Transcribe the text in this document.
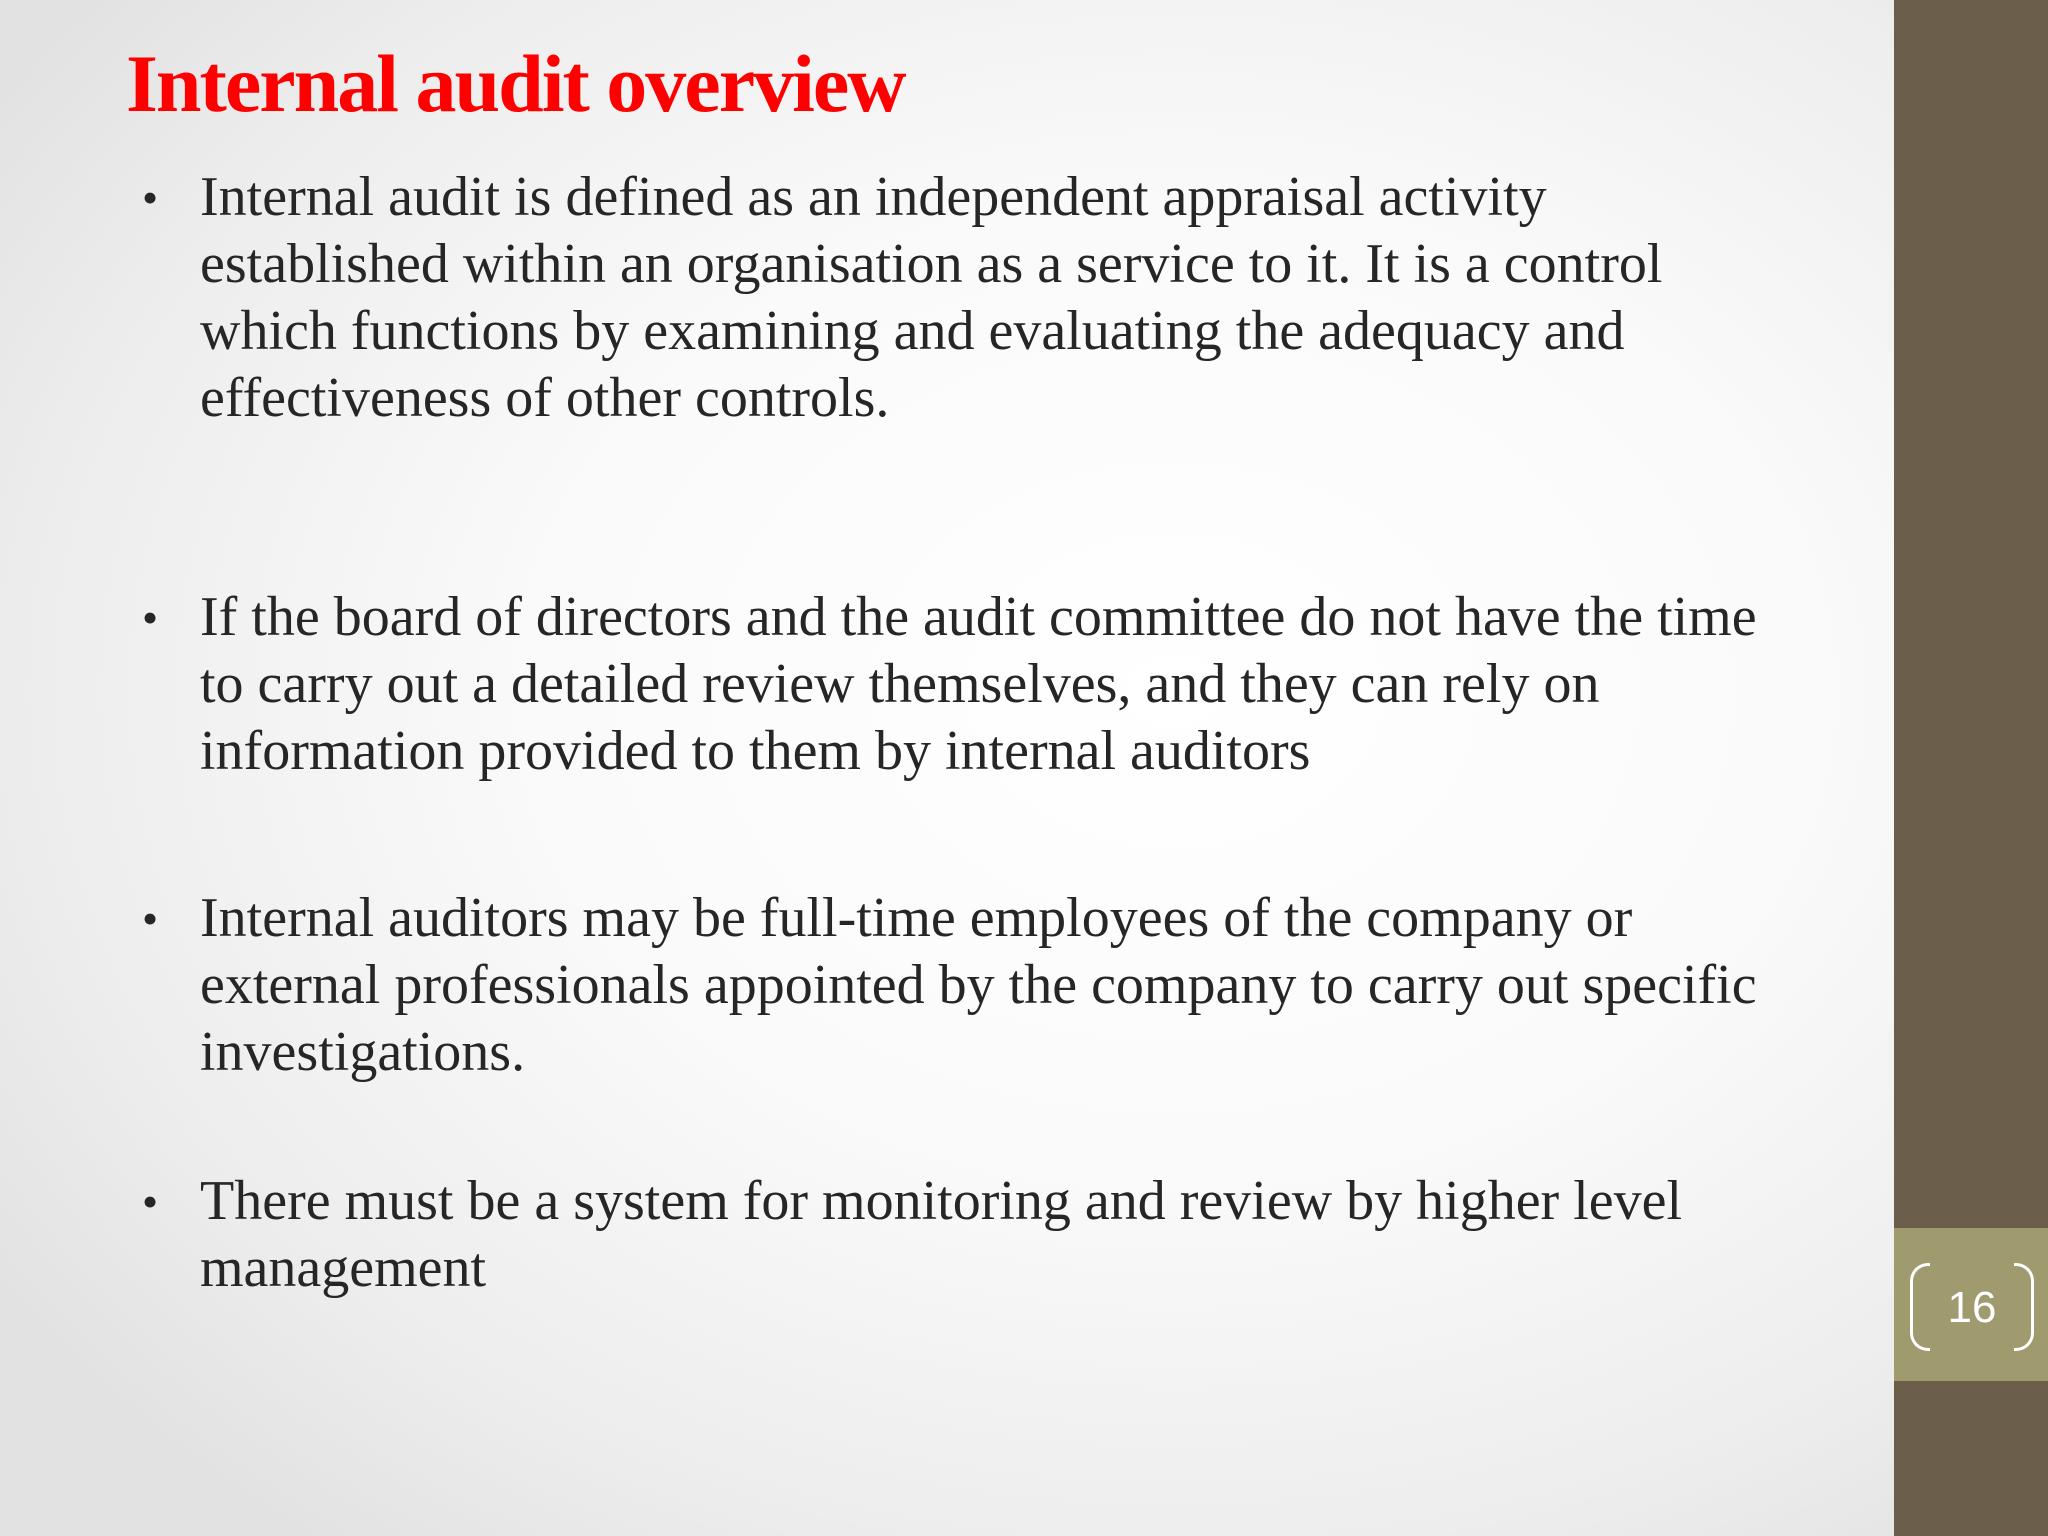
16
Internal audit overview
• Internal audit is defined as an independent appraisal activity established within an organisation as a service to it. It is a control which functions by examining and evaluating the adequacy and effectiveness of other controls.
• If the board of directors and the audit committee do not have the time to carry out a detailed review themselves, and they can rely on information provided to them by internal auditors
• Internal auditors may be full-time employees of the company or external professionals appointed by the company to carry out specific investigations.
• There must be a system for monitoring and review by higher level management
